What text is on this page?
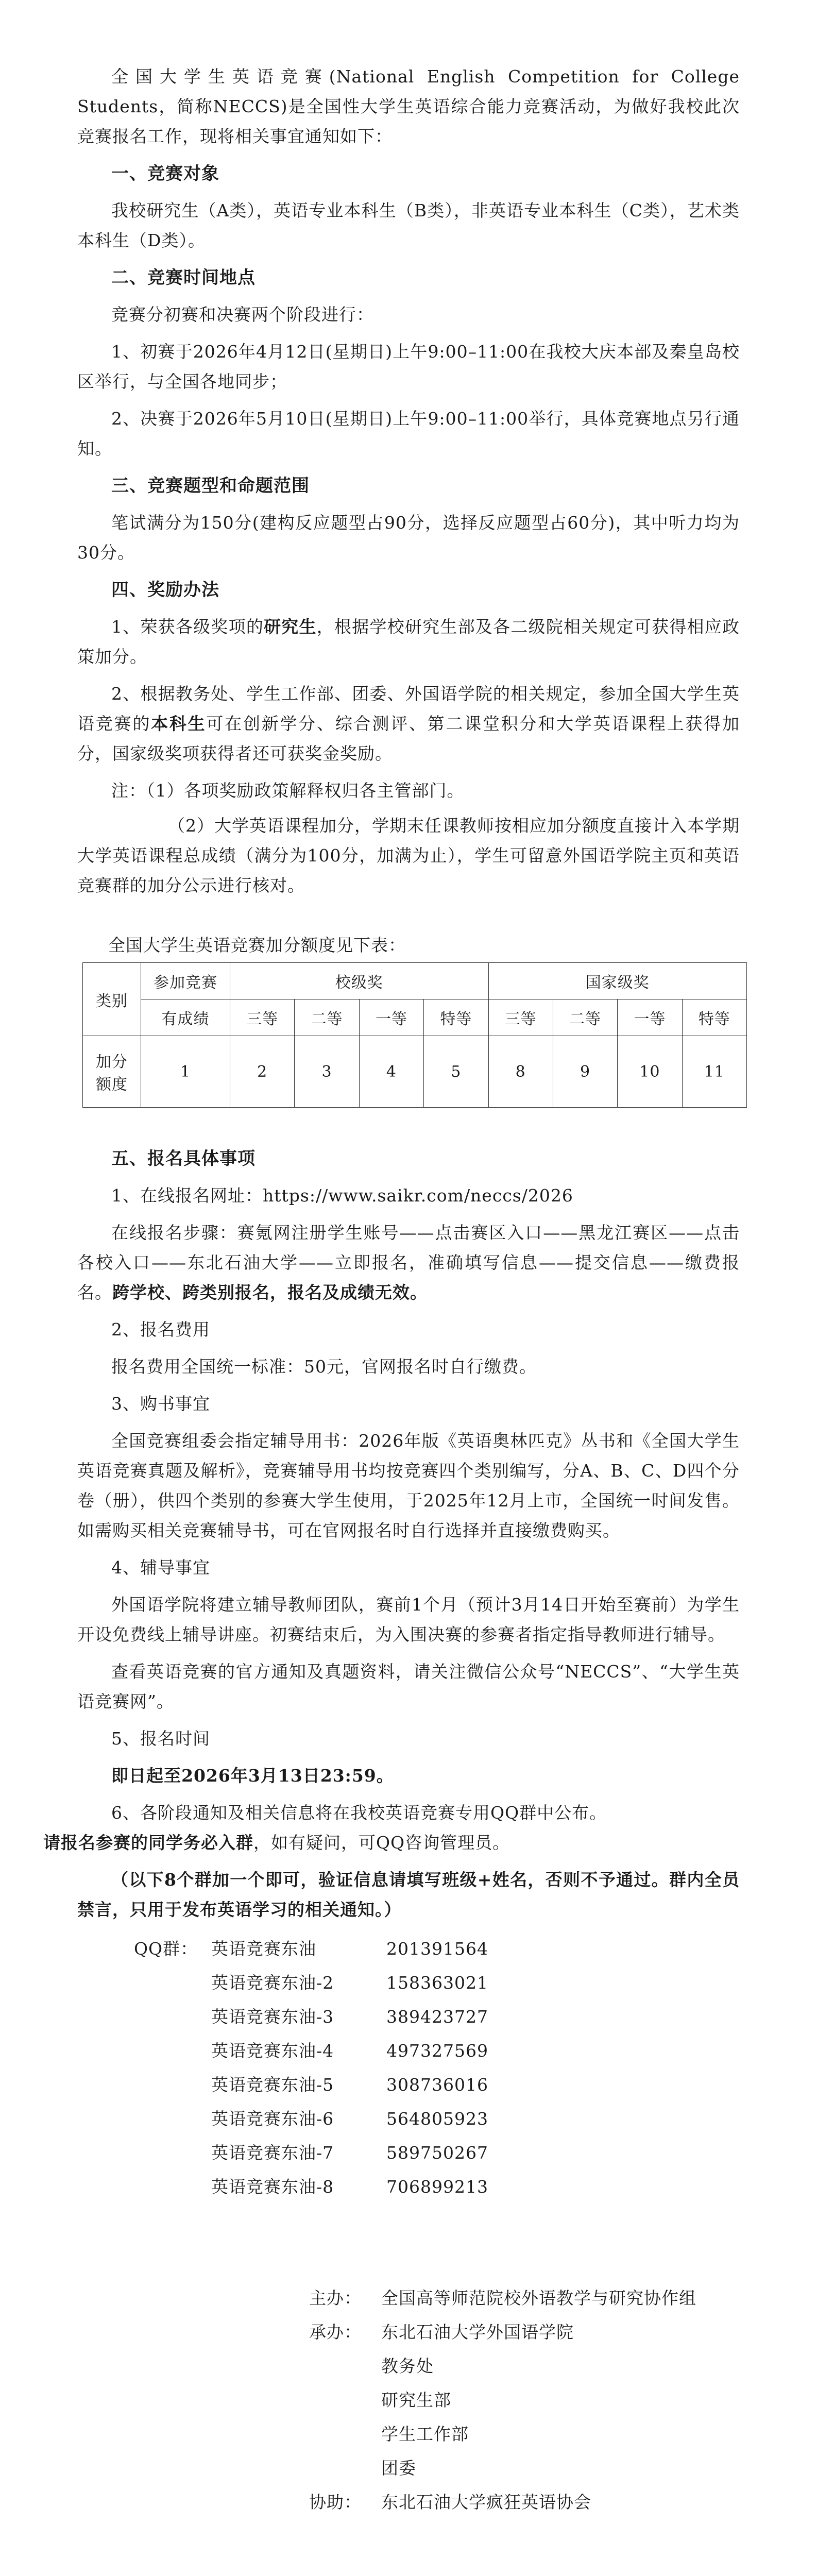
全国大学生英语竞赛(National English Competition for College Students，简称NECCS)是全国性大学生英语综合能力竞赛活动，为做好我校此次竞赛报名工作，现将相关事宜通知如下：

一、竞赛对象

我校研究生（A类），英语专业本科生（B类），非英语专业本科生（C类），艺术类本科生（D类）。

二、竞赛时间地点

竞赛分初赛和决赛两个阶段进行：

1、初赛于2026年4月12日(星期日)上午9:00–11:00在我校大庆本部及秦皇岛校区举行，与全国各地同步；

2、决赛于2026年5月10日(星期日)上午9:00–11:00举行，具体竞赛地点另行通知。

三、竞赛题型和命题范围

笔试满分为150分(建构反应题型占90分，选择反应题型占60分)，其中听力均为30分。

四、奖励办法

1、荣获各级奖项的研究生，根据学校研究生部及各二级院相关规定可获得相应政策加分。

2、根据教务处、学生工作部、团委、外国语学院的相关规定，参加全国大学生英语竞赛的本科生可在创新学分、综合测评、第二课堂积分和大学英语课程上获得加分，国家级奖项获得者还可获奖金奖励。

注：（1）各项奖励政策解释权归各主管部门。

（2）大学英语课程加分，学期末任课教师按相应加分额度直接计入本学期大学英语课程总成绩（满分为100分，加满为止），学生可留意外国语学院主页和英语竞赛群的加分公示进行核对。

全国大学生英语竞赛加分额度见下表：
类别	参加竞赛	校级奖				国家级奖			
	有成绩	三等	二等	一等	特等	三等	二等	一等	特等
加分
额度	1	2	3	4	5	8	9	10	11
五、报名具体事项

1、在线报名网址：https://www.saikr.com/neccs/2026

在线报名步骤：赛氪网注册学生账号——点击赛区入口——黑龙江赛区——点击各校入口——东北石油大学——立即报名，准确填写信息——提交信息——缴费报名。跨学校、跨类别报名，报名及成绩无效。

2、报名费用

报名费用全国统一标准：50元，官网报名时自行缴费。

3、购书事宜

全国竞赛组委会指定辅导用书：2026年版《英语奥林匹克》丛书和《全国大学生英语竞赛真题及解析》，竞赛辅导用书均按竞赛四个类别编写，分A、B、C、D四个分卷（册），供四个类别的参赛大学生使用，于2025年12月上市，全国统一时间发售。如需购买相关竞赛辅导书，可在官网报名时自行选择并直接缴费购买。

4、辅导事宜

外国语学院将建立辅导教师团队，赛前1个月（预计3月14日开始至赛前）为学生开设免费线上辅导讲座。初赛结束后，为入围决赛的参赛者指定指导教师进行辅导。

查看英语竞赛的官方通知及真题资料，请关注微信公众号“NECCS”、“大学生英语竞赛网”。

5、报名时间

即日起至2026年3月13日23:59。

6、各阶段通知及相关信息将在我校英语竞赛专用QQ群中公布。
请报名参赛的同学务必入群，如有疑问，可QQ咨询管理员。

（以下8个群加一个即可，验证信息请填写班级+姓名，否则不予通过。群内全员禁言，只用于发布英语学习的相关通知。）

QQ群： 英语竞赛东油	201391564
英语竞赛东油-2	158363021
英语竞赛东油-3	389423727
英语竞赛东油-4	497327569
英语竞赛东油-5	308736016
英语竞赛东油-6	564805923
英语竞赛东油-7	589750267
英语竞赛东油-8	706899213
主办：	全国高等师范院校外语教学与研究协作组
承办：	东北石油大学外国语学院
教务处
研究生部
学生工作部
团委
协助：	东北石油大学疯狂英语协会
